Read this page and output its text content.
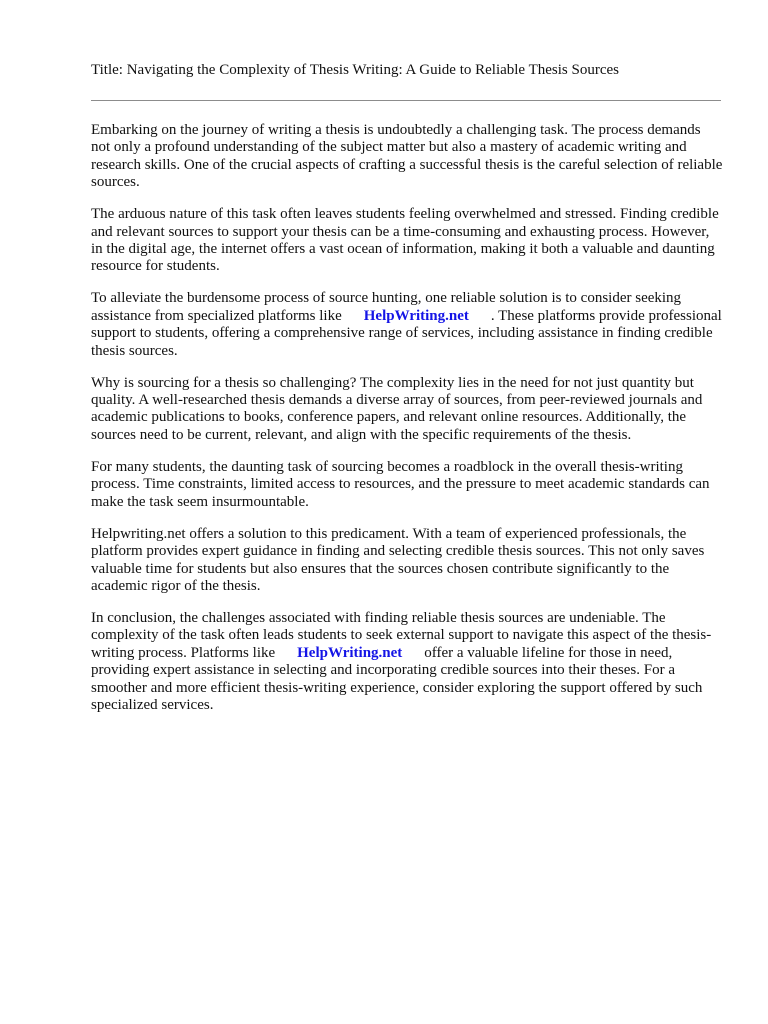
Title: Navigating the Complexity of Thesis Writing: A Guide to Reliable Thesis Sources

Embarking on the journey of writing a thesis is undoubtedly a challenging task. The process demands not only a profound understanding of the subject matter but also a mastery of academic writing and research skills. One of the crucial aspects of crafting a successful thesis is the careful selection of reliable sources.

The arduous nature of this task often leaves students feeling overwhelmed and stressed. Finding credible and relevant sources to support your thesis can be a time-consuming and exhausting process. However, in the digital age, the internet offers a vast ocean of information, making it both a valuable and daunting resource for students.

To alleviate the burdensome process of source hunting, one reliable solution is to consider seeking assistance from specialized platforms like HelpWriting.net . These platforms provide professional support to students, offering a comprehensive range of services, including assistance in finding credible thesis sources.

Why is sourcing for a thesis so challenging? The complexity lies in the need for not just quantity but quality. A well-researched thesis demands a diverse array of sources, from peer-reviewed journals and academic publications to books, conference papers, and relevant online resources. Additionally, the sources need to be current, relevant, and align with the specific requirements of the thesis.

For many students, the daunting task of sourcing becomes a roadblock in the overall thesis-writing process. Time constraints, limited access to resources, and the pressure to meet academic standards can make the task seem insurmountable.

Helpwriting.net offers a solution to this predicament. With a team of experienced professionals, the platform provides expert guidance in finding and selecting credible thesis sources. This not only saves valuable time for students but also ensures that the sources chosen contribute significantly to the academic rigor of the thesis.

In conclusion, the challenges associated with finding reliable thesis sources are undeniable. The complexity of the task often leads students to seek external support to navigate this aspect of the thesis-writing process. Platforms like HelpWriting.net offer a valuable lifeline for those in need, providing expert assistance in selecting and incorporating credible sources into their theses. For a smoother and more efficient thesis-writing experience, consider exploring the support offered by such specialized services.
